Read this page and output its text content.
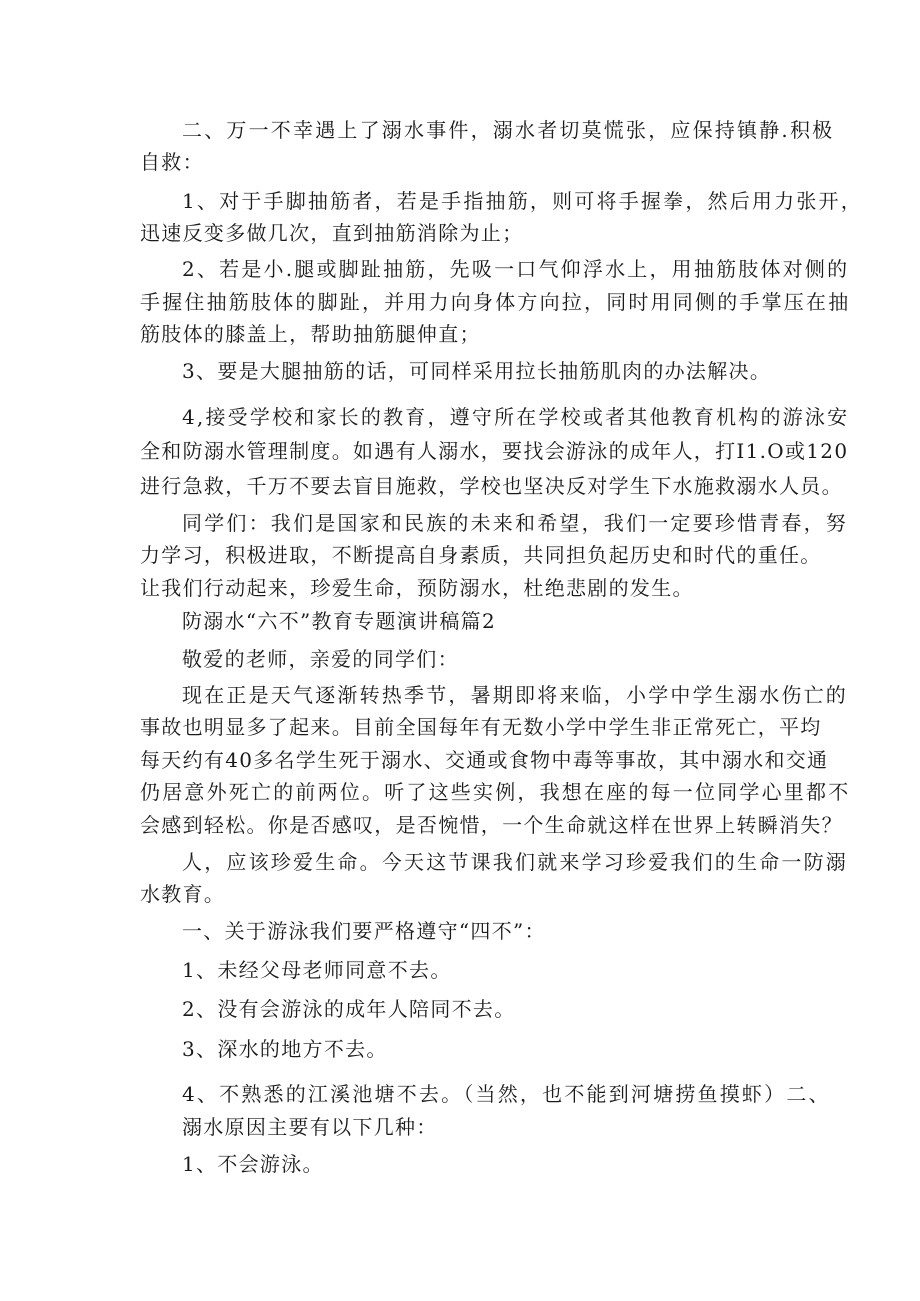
二、万一不幸遇上了溺水事件，溺水者切莫慌张，应保持镇静.积极
自救：
1、对于手脚抽筋者，若是手指抽筋，则可将手握拳，然后用力张开，
迅速反变多做几次，直到抽筋消除为止；
2、若是小.腿或脚趾抽筋，先吸一口气仰浮水上，用抽筋肢体对侧的
手握住抽筋肢体的脚趾，并用力向身体方向拉，同时用同侧的手掌压在抽
筋肢体的膝盖上，帮助抽筋腿伸直；
3、要是大腿抽筋的话，可同样采用拉长抽筋肌肉的办法解决。
4,接受学校和家长的教育，遵守所在学校或者其他教育机构的游泳安
全和防溺水管理制度。如遇有人溺水，要找会游泳的成年人，打I1.O或120
进行急救，千万不要去盲目施救，学校也坚决反对学生下水施救溺水人员。
同学们：我们是国家和民族的未来和希望，我们一定要珍惜青春，努
力学习，积极进取，不断提高自身素质，共同担负起历史和时代的重任。
让我们行动起来，珍爱生命，预防溺水，杜绝悲剧的发生。
防溺水“六不”教育专题演讲稿篇2
敬爱的老师，亲爱的同学们：
现在正是天气逐渐转热季节，暑期即将来临，小学中学生溺水伤亡的
事故也明显多了起来。目前全国每年有无数小学中学生非正常死亡，平均
每天约有40多名学生死于溺水、交通或食物中毒等事故，其中溺水和交通
仍居意外死亡的前两位。听了这些实例，我想在座的每一位同学心里都不
会感到轻松。你是否感叹，是否惋惜，一个生命就这样在世界上转瞬消失？
人，应该珍爱生命。今天这节课我们就来学习珍爱我们的生命一防溺
水教育。
一、关于游泳我们要严格遵守“四不”：
1、未经父母老师同意不去。
2、没有会游泳的成年人陪同不去。
3、深水的地方不去。
4、不熟悉的江溪池塘不去。（当然，也不能到河塘捞鱼摸虾）二、
溺水原因主要有以下几种：
1、不会游泳。
